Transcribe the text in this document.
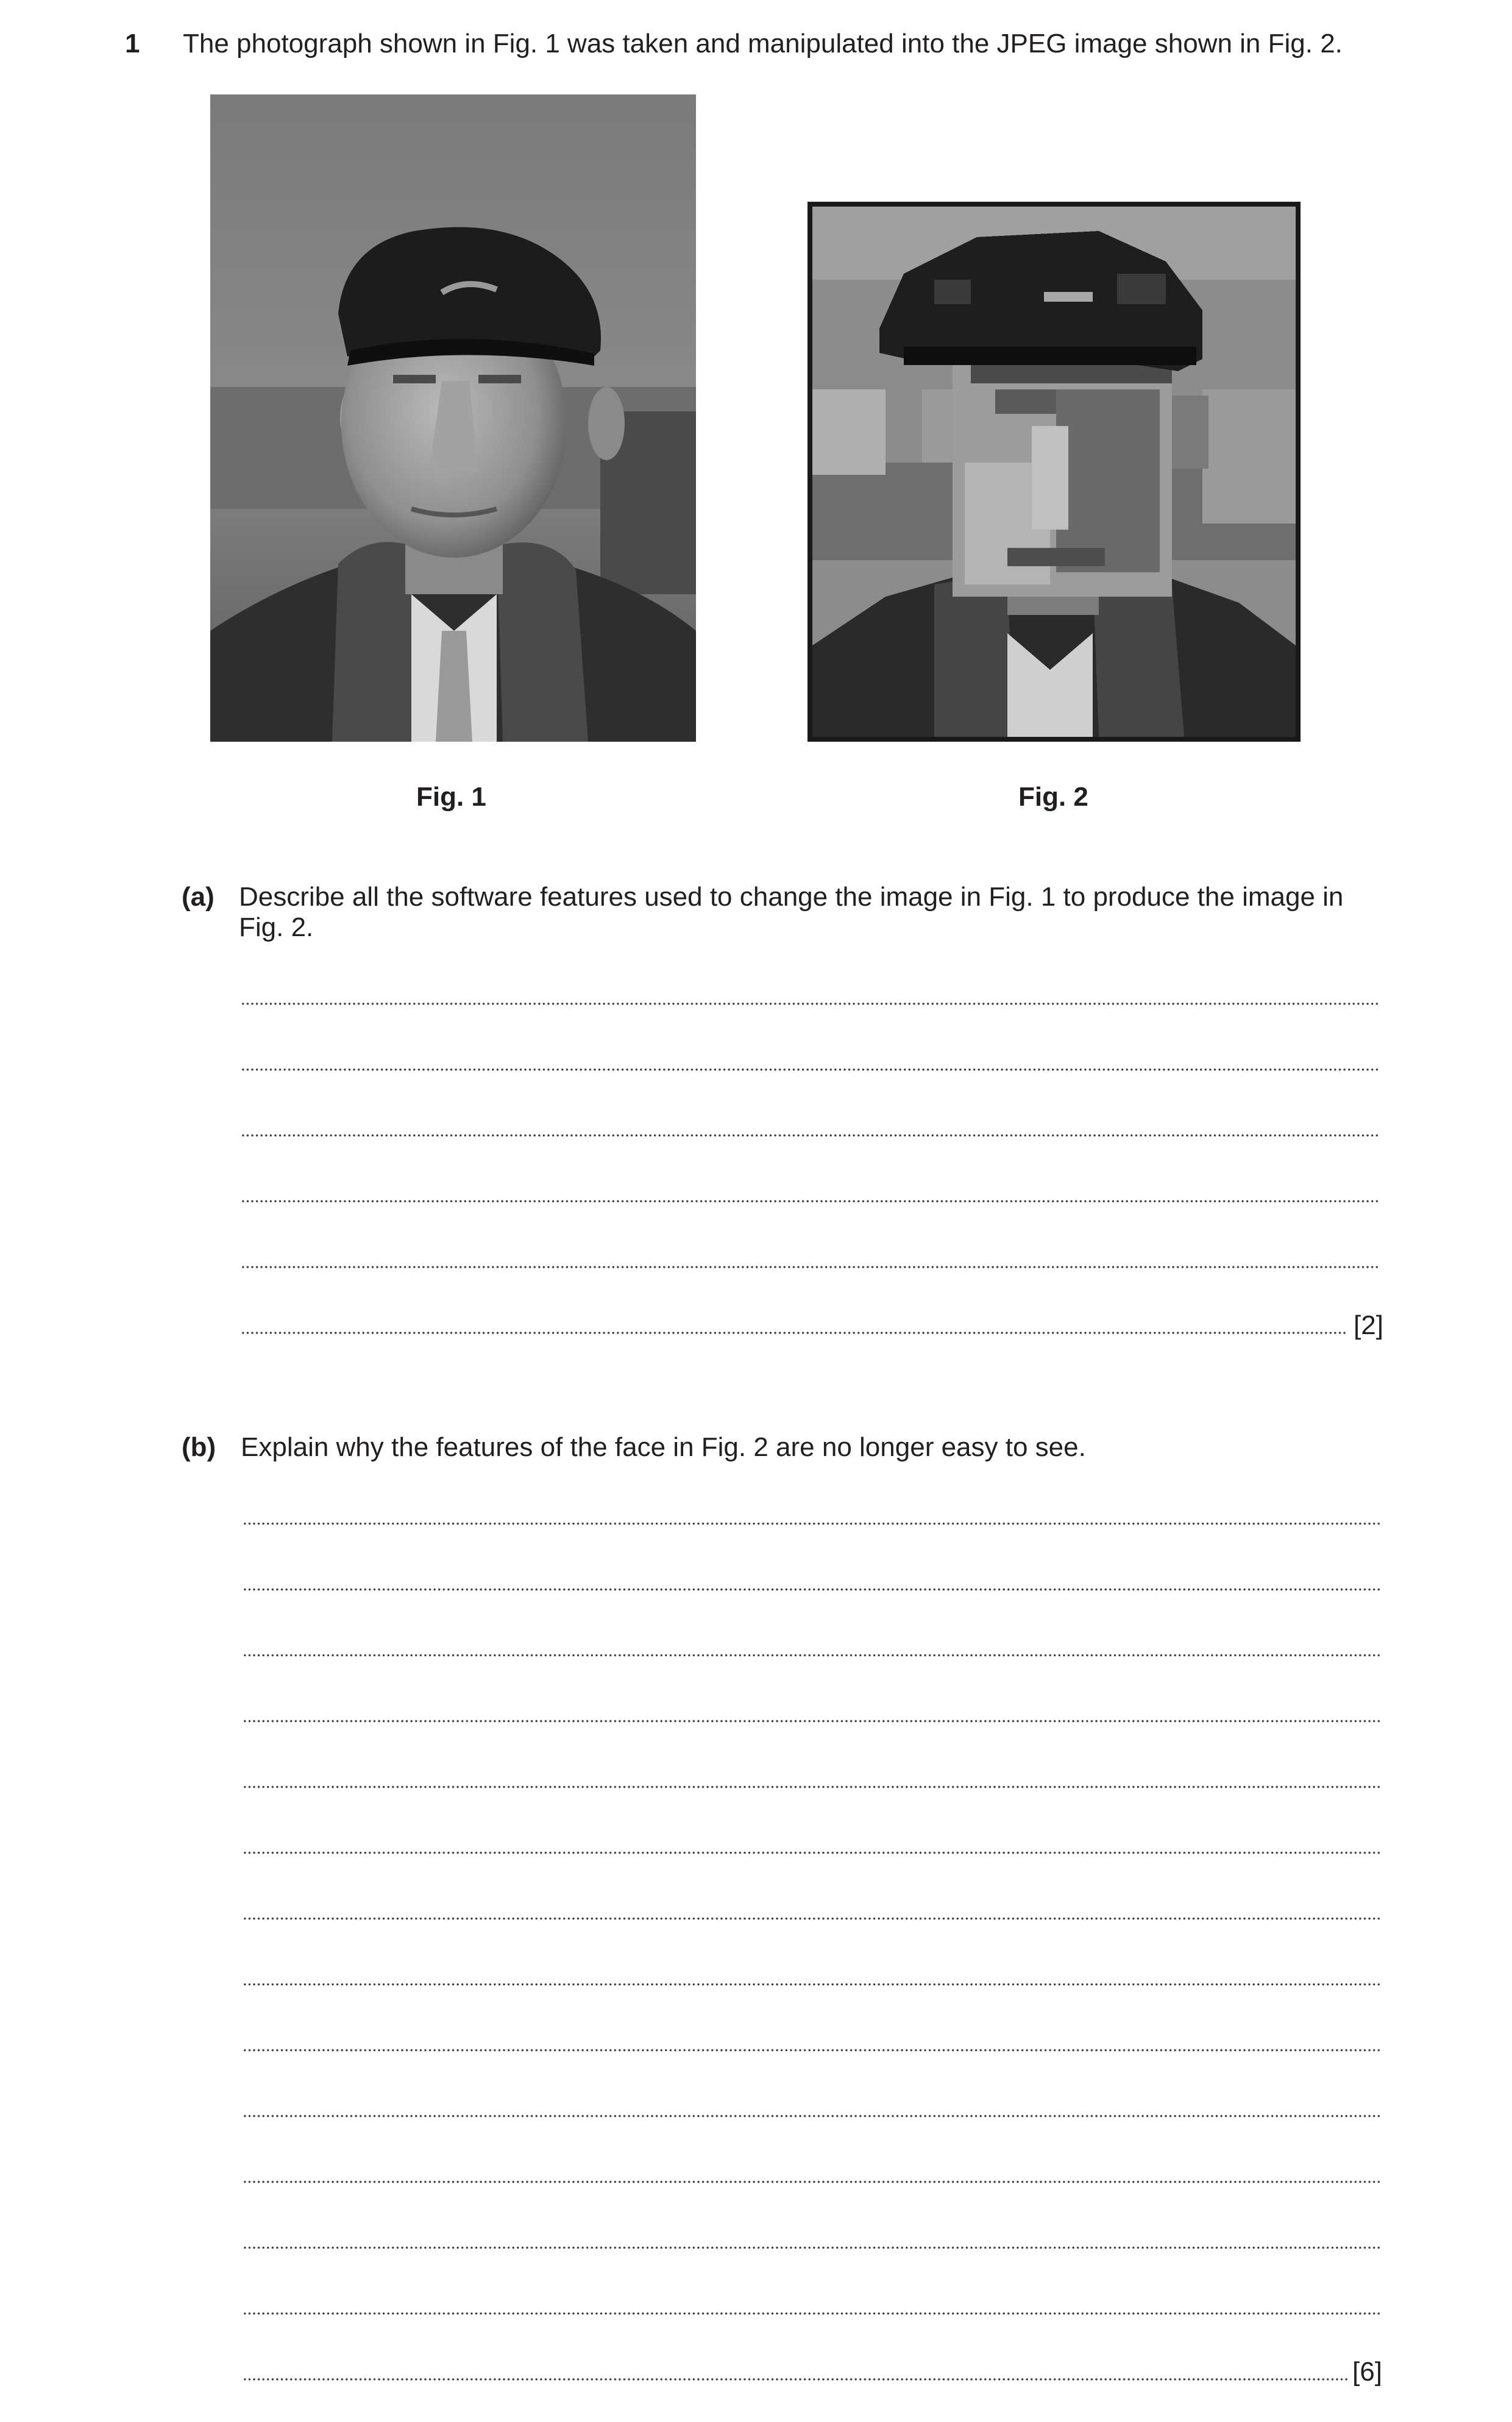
1 The photograph shown in Fig. 1 was taken and manipulated into the JPEG image shown in Fig. 2.
Fig. 1	Fig. 2
(a) Describe all the software features used to change the image in Fig. 1 to produce the image in
Fig. 2.
[2]
(b) Explain why the features of the face in Fig. 2 are no longer easy to see.
[6]
